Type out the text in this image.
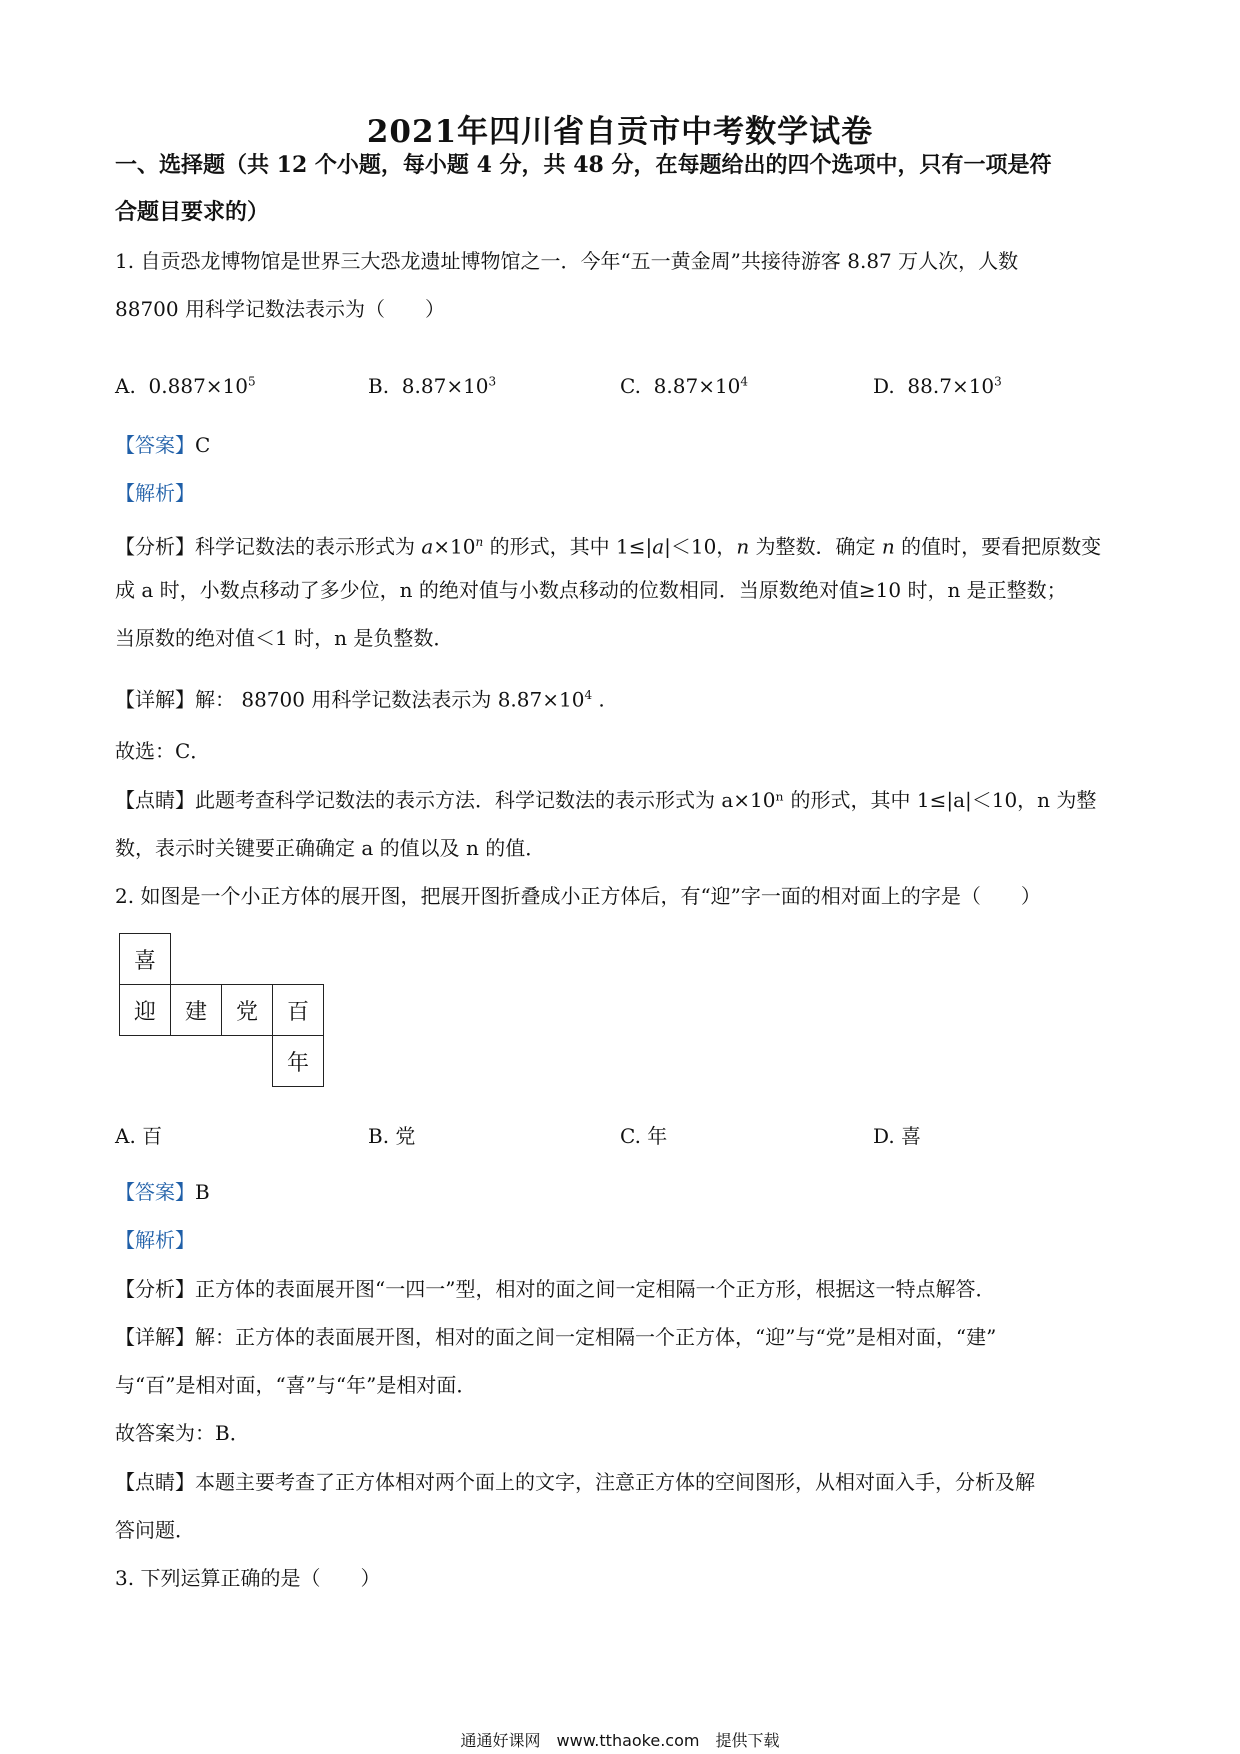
2021年四川省自贡市中考数学试卷
一、选择题（共 12 个小题，每小题 4 分，共 48 分，在每题给出的四个选项中，只有一项是符
合题目要求的）
1. 自贡恐龙博物馆是世界三大恐龙遗址博物馆之一．今年“五一黄金周”共接待游客 8.87 万人次，人数
88700 用科学记数法表示为（　　）
A. $0.887\times 10^5$	B. $8.87\times 10^3$	C. $8.87\times 10^4$	D. $88.7\times 10^3$
【答案】C
【解析】
【分析】科学记数法的表示形式为 $a\times 10^n$ 的形式，其中 1≤|a|＜10，n 为整数．确定 n 的值时，要看把原数变
成 a 时，小数点移动了多少位，n 的绝对值与小数点移动的位数相同．当原数绝对值≥10 时，n 是正整数；
当原数的绝对值＜1 时，n 是负整数．
【详解】解： 88700 用科学记数法表示为 $8.87\times 10^4$ .
故选：C．
【点睛】此题考查科学记数法的表示方法．科学记数法的表示形式为 a×10ⁿ 的形式，其中 1≤|a|＜10，n 为整
数，表示时关键要正确确定 a 的值以及 n 的值．
2. 如图是一个小正方体的展开图，把展开图折叠成小正方体后，有“迎”字一面的相对面上的字是（　　）
喜
迎	建	党	百
年
A. 百	B. 党	C. 年	D. 喜
【答案】B
【解析】
【分析】正方体的表面展开图“一四一”型，相对的面之间一定相隔一个正方形，根据这一特点解答．
【详解】解：正方体的表面展开图，相对的面之间一定相隔一个正方体，“迎”与“党”是相对面，“建”
与“百”是相对面，“喜”与“年”是相对面．
故答案为：B．
【点睛】本题主要考查了正方体相对两个面上的文字，注意正方体的空间图形，从相对面入手，分析及解
答问题．
3. 下列运算正确的是（　　）
通通好课网　www.tthaoke.com　提供下载
